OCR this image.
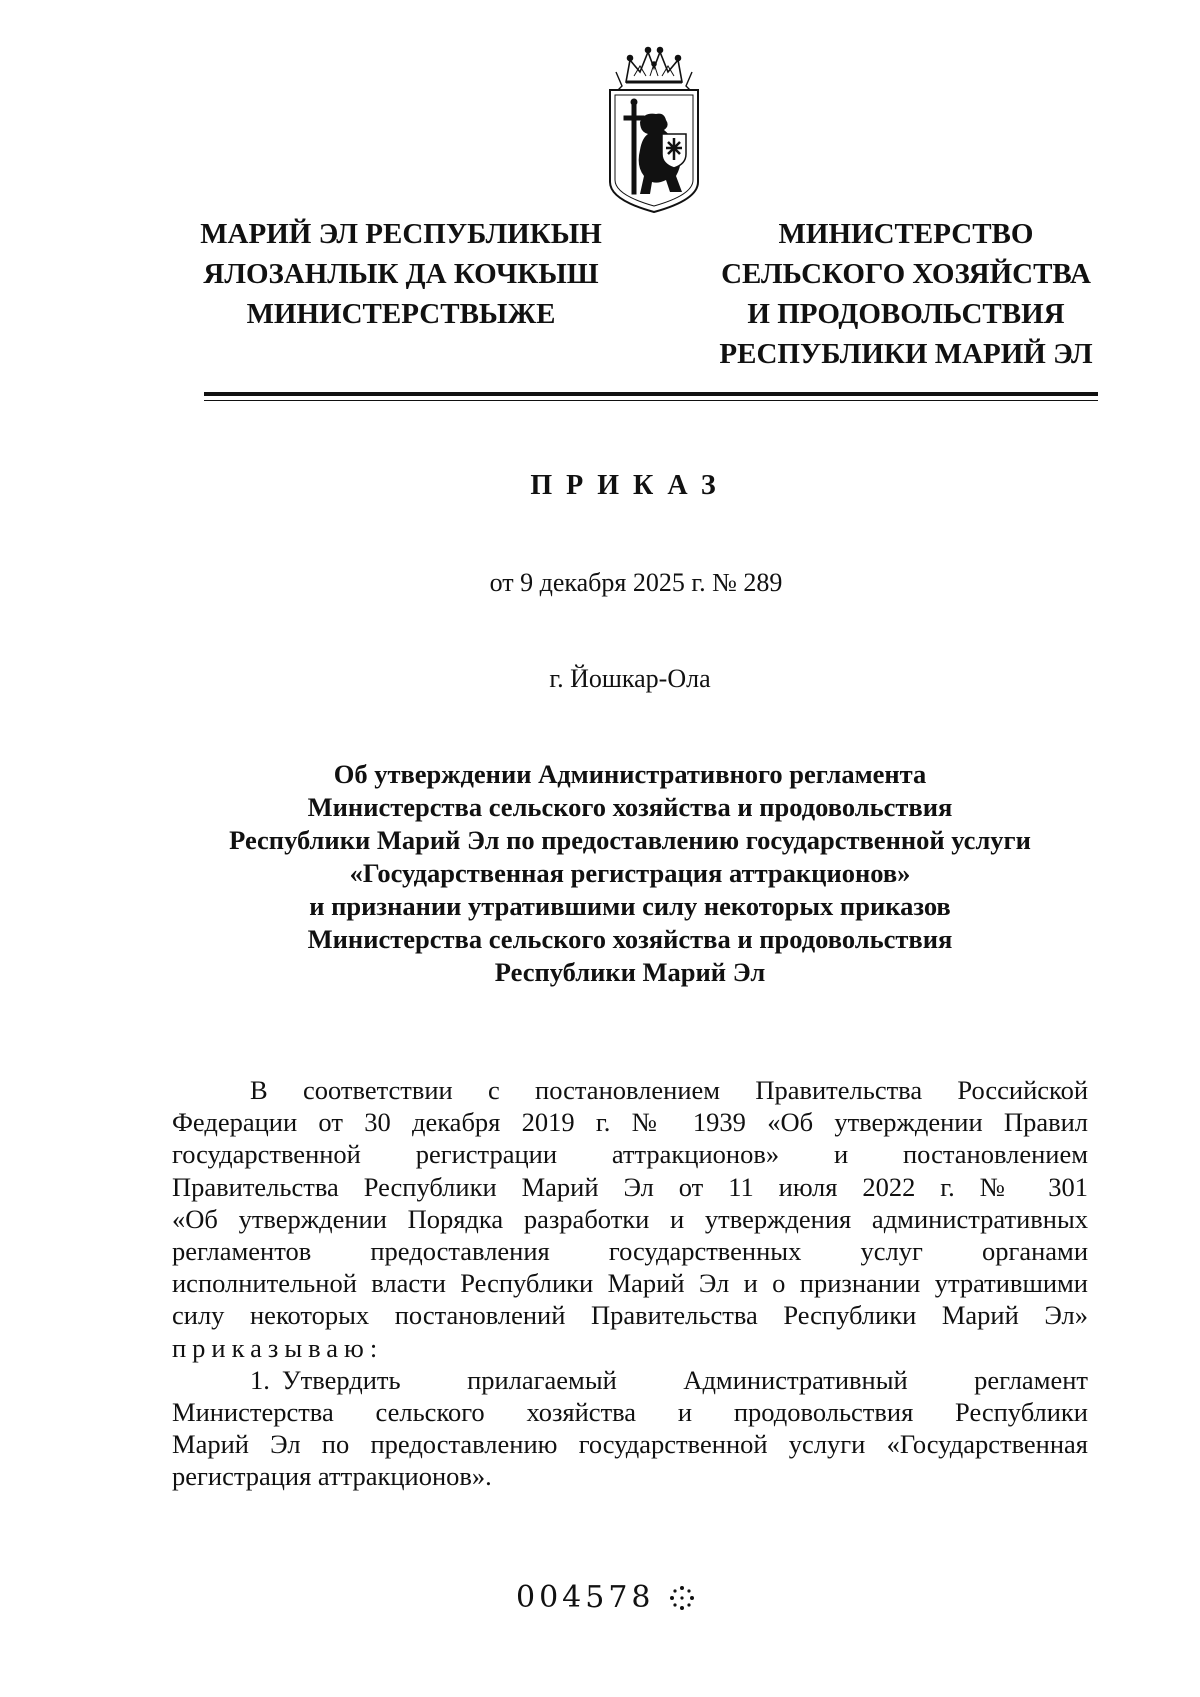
МАРИЙ ЭЛ РЕСПУБЛИКЫН
ЯЛОЗАНЛЫК ДА КОЧКЫШ
МИНИСТЕРСТВЫЖЕ
МИНИСТЕРСТВО
СЕЛЬСКОГО ХОЗЯЙСТВА
И ПРОДОВОЛЬСТВИЯ
РЕСПУБЛИКИ МАРИЙ ЭЛ
ПРИКАЗ
от 9 декабря 2025 г. № 289
г. Йошкар-Ола
Об утверждении Административного регламента
Министерства сельского хозяйства и продовольствия
Республики Марий Эл по предоставлению государственной услуги
«Государственная регистрация аттракционов»
и признании утратившими силу некоторых приказов
Министерства сельского хозяйства и продовольствия
Республики Марий Эл
В соответствии с постановлением Правительства Российской
Федерации от 30 декабря 2019 г. № 1939 «Об утверждении Правил
государственной регистрации аттракционов» и постановлением
Правительства Республики Марий Эл от 11 июля 2022 г. № 301
«Об утверждении Порядка разработки и утверждения административных
регламентов предоставления государственных услуг органами
исполнительной власти Республики Марий Эл и о признании утратившими
силу некоторых постановлений Правительства Республики Марий Эл»
приказываю:
1. Утвердить прилагаемый Административный регламент
Министерства сельского хозяйства и продовольствия Республики
Марий Эл по предоставлению государственной услуги «Государственная
регистрация аттракционов».
004578
